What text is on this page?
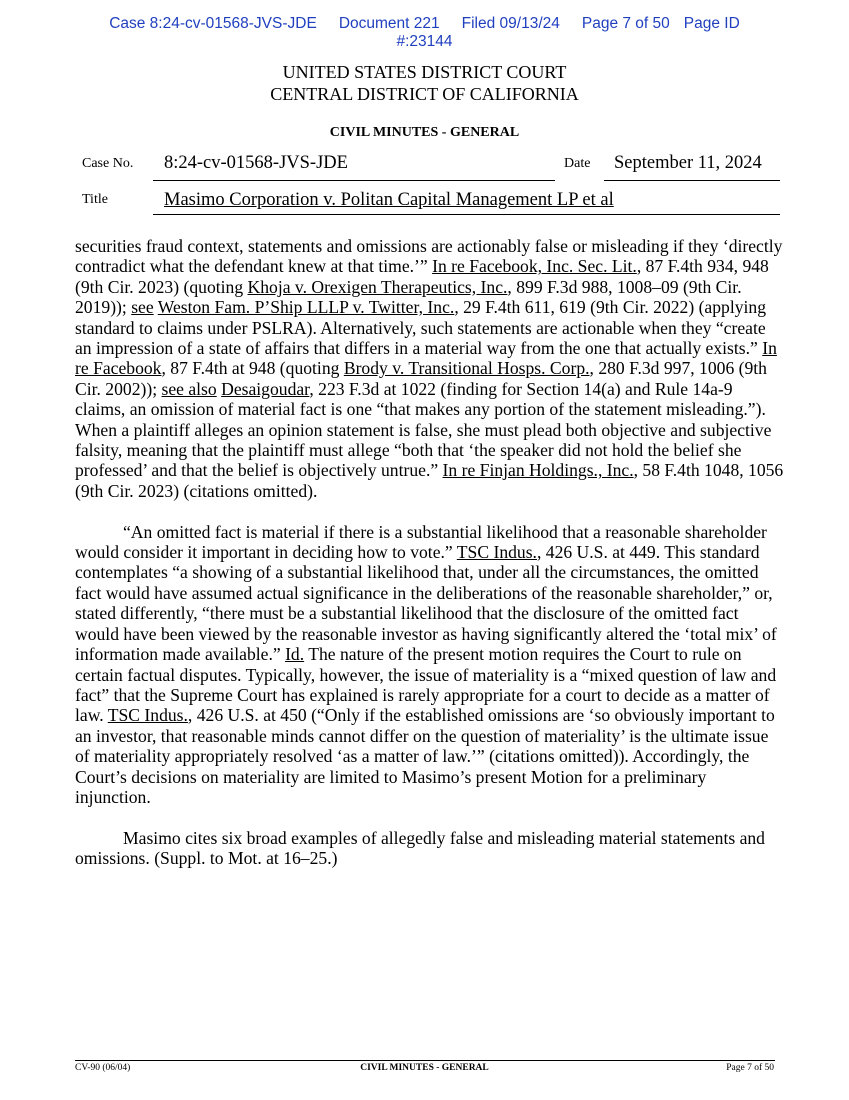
Case 8:24-cv-01568-JVS-JDE Document 221 Filed 09/13/24 Page 7 of 50 Page ID
#:23144
UNITED STATES DISTRICT COURT
CENTRAL DISTRICT OF CALIFORNIA
CIVIL MINUTES - GENERAL
Case No. 8:24-cv-01568-JVS-JDE	Date September 11, 2024
Title	Masimo Corporation v. Politan Capital Management LP et al

securities fraud context, statements and omissions are actionably false or misleading if they ‘directly contradict what the defendant knew at that time.’” In re Facebook, Inc. Sec. Lit., 87 F.4th 934, 948 (9th Cir. 2023) (quoting Khoja v. Orexigen Therapeutics, Inc., 899 F.3d 988, 1008–09 (9th Cir. 2019)); see Weston Fam. P’Ship LLLP v. Twitter, Inc., 29 F.4th 611, 619 (9th Cir. 2022) (applying standard to claims under PSLRA). Alternatively, such statements are actionable when they “create an impression of a state of affairs that differs in a material way from the one that actually exists.” In re Facebook, 87 F.4th at 948 (quoting Brody v. Transitional Hosps. Corp., 280 F.3d 997, 1006 (9th Cir. 2002)); see also Desaigoudar, 223 F.3d at 1022 (finding for Section 14(a) and Rule 14a-9 claims, an omission of material fact is one “that makes any portion of the statement misleading.”). When a plaintiff alleges an opinion statement is false, she must plead both objective and subjective falsity, meaning that the plaintiff must allege “both that ‘the speaker did not hold the belief she professed’ and that the belief is objectively untrue.” In re Finjan Holdings., Inc., 58 F.4th 1048, 1056 (9th Cir. 2023) (citations omitted).

“An omitted fact is material if there is a substantial likelihood that a reasonable shareholder would consider it important in deciding how to vote.” TSC Indus., 426 U.S. at 449. This standard contemplates “a showing of a substantial likelihood that, under all the circumstances, the omitted fact would have assumed actual significance in the deliberations of the reasonable shareholder,” or, stated differently, “there must be a substantial likelihood that the disclosure of the omitted fact would have been viewed by the reasonable investor as having significantly altered the ‘total mix’ of information made available.” Id. The nature of the present motion requires the Court to rule on certain factual disputes. Typically, however, the issue of materiality is a “mixed question of law and fact” that the Supreme Court has explained is rarely appropriate for a court to decide as a matter of law. TSC Indus., 426 U.S. at 450 (“Only if the established omissions are ‘so obviously important to an investor, that reasonable minds cannot differ on the question of materiality’ is the ultimate issue of materiality appropriately resolved ‘as a matter of law.’” (citations omitted)). Accordingly, the Court’s decisions on materiality are limited to Masimo’s present Motion for a preliminary injunction.

Masimo cites six broad examples of allegedly false and misleading material statements and omissions. (Suppl. to Mot. at 16–25.)

CV-90 (06/04)	CIVIL MINUTES - GENERAL	Page 7 of 50
